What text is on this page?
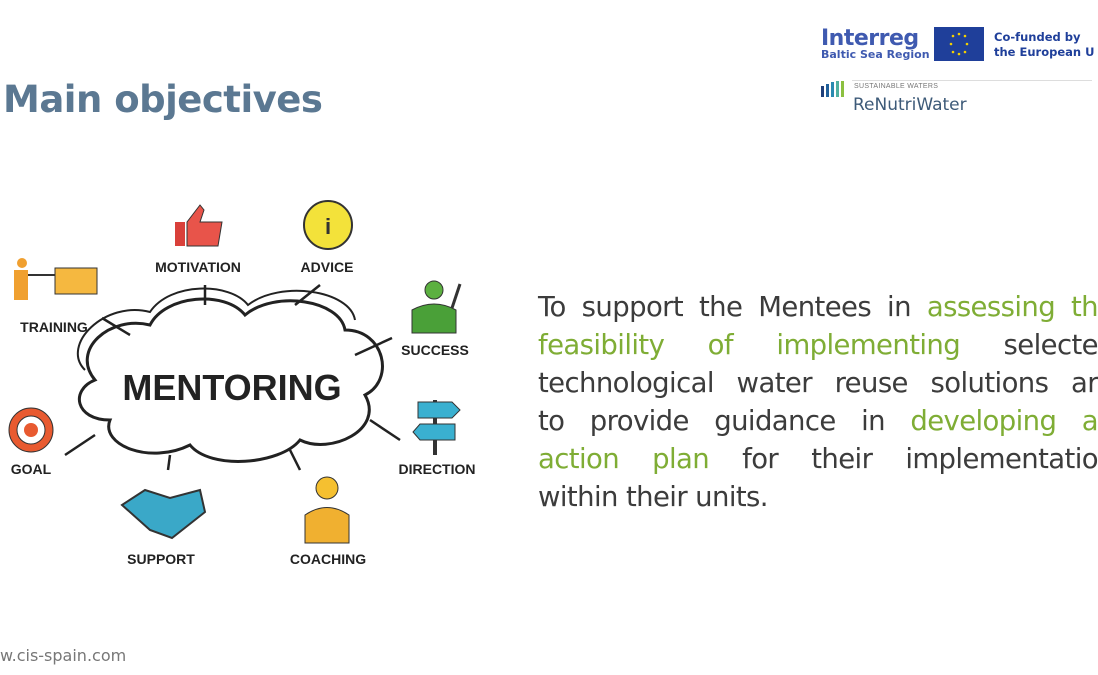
Main objectives
Interreg
Baltic Sea Region
Co-funded by
the European U
SUSTAINABLE WATERS
ReNutriWater
MENTORING
i
MOTIVATION	ADVICE
TRAINING
SUCCESS
GOAL	DIRECTION
SUPPORT	COACHING
To support the Mentees in assessing th
feasibility of implementing selecte
technological water reuse solutions ar
to provide guidance in developing a
action plan for their implementatio
within their units.
w.cis-spain.com
